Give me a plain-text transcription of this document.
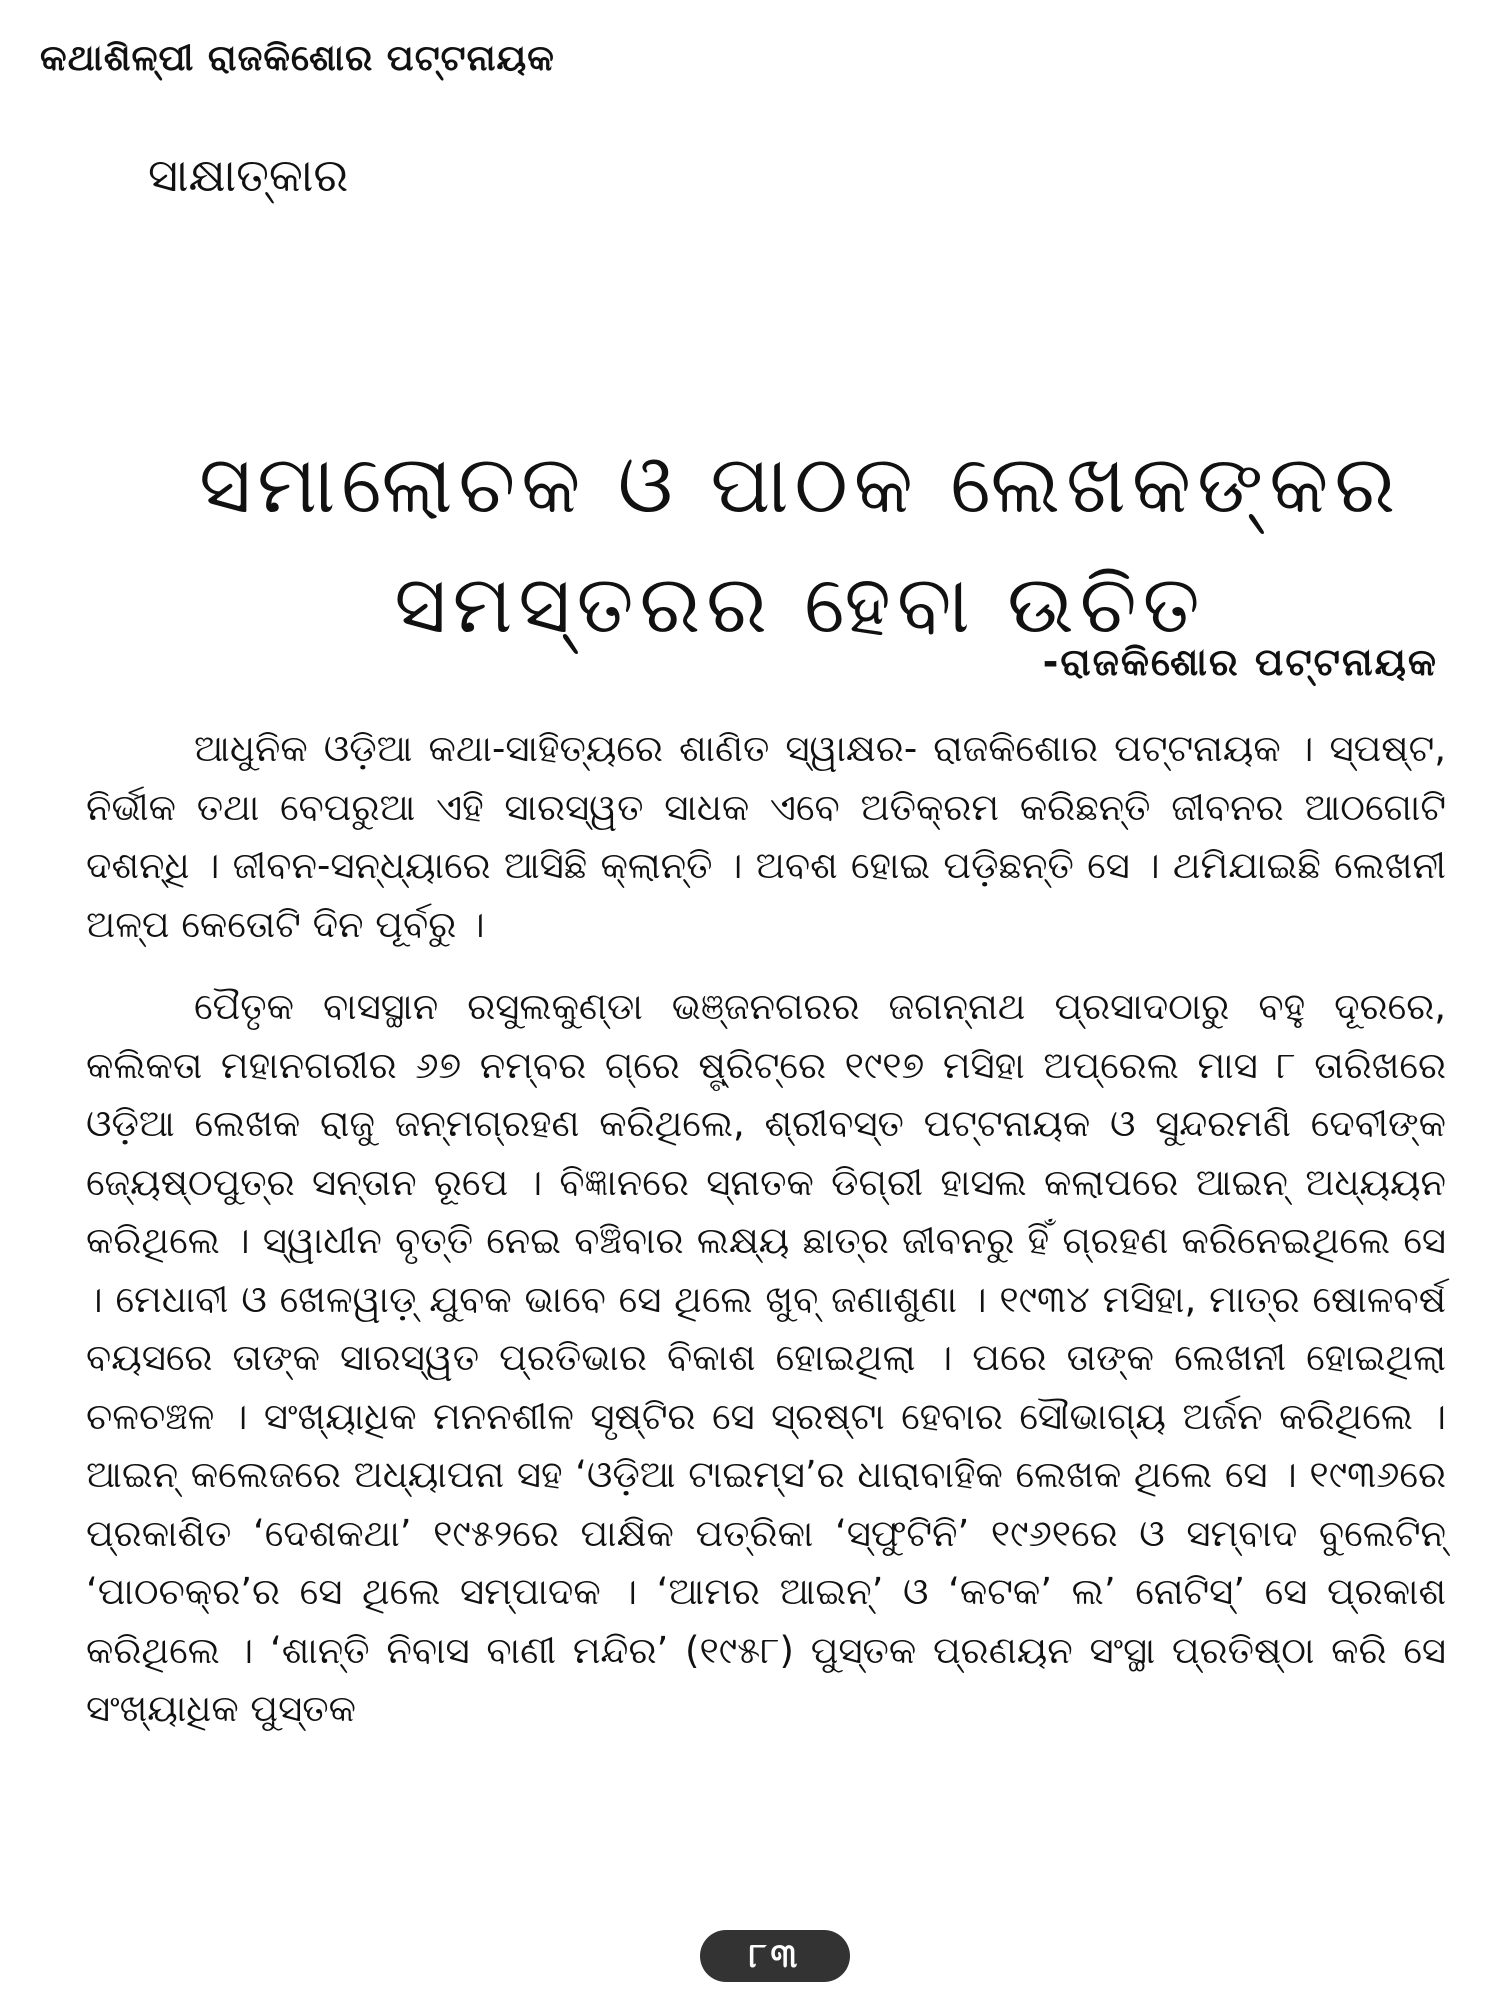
କଥାଶିଳ୍ପୀ ରାଜକିଶୋର ପଟ୍ଟନାୟକ
ସାକ୍ଷାତ୍‌କାର
ସମାଲୋଚକ ଓ ପାଠକ ଲେଖକଙ୍କର
ସମସ୍ତରର ହେବା ଉଚିତ
-ରାଜକିଶୋର ପଟ୍ଟନାୟକ

ଆଧୁନିକ ଓଡ଼ିଆ କଥା-ସାହିତ୍ୟରେ ଶାଣିତ ସ୍ୱାକ୍ଷର- ରାଜକିଶୋର ପଟ୍ଟନାୟକ । ସ୍ପଷ୍ଟ, ନିର୍ଭୀକ ତଥା ବେପରୁଆ ଏହି ସାରସ୍ୱତ ସାଧକ ଏବେ ଅତିକ୍ରମ କରିଛନ୍ତି ଜୀବନର ଆଠଗୋଟି ଦଶନ୍ଧି । ଜୀବନ-ସନ୍ଧ୍ୟାରେ ଆସିଛି କ୍ଲାନ୍ତି । ଅବଶ ହୋଇ ପଡ଼ିଛନ୍ତି ସେ । ଥମିଯାଇଛି ଲେଖନୀ ଅଳ୍ପ କେତୋଟି ଦିନ ପୂର୍ବରୁ ।

ପୈତୃକ ବାସସ୍ଥାନ ରସୁଲକୁଣ୍ଡା ଭଞ୍ଜନଗରର ଜଗନ୍ନାଥ ପ୍ରସାଦଠାରୁ ବହୁ ଦୂରରେ, କଲିକତା ମହାନଗରୀର ୬୭ ନମ୍ବର ଗ୍ରେ ଷ୍ଟ୍ରିଟ୍‌ରେ ୧୯୧୭ ମସିହା ଅପ୍ରେଲ ମାସ ୮ ତାରିଖରେ ଓଡ଼ିଆ ଲେଖକ ରାଜୁ ଜନ୍ମଗ୍ରହଣ କରିଥିଲେ, ଶ୍ରୀବସ୍ତ ପଟ୍ଟନାୟକ ଓ ସୁନ୍ଦରମଣି ଦେବୀଙ୍କ ଜ୍ୟେଷ୍ଠପୁତ୍ର ସନ୍ତାନ ରୂପେ । ବିଜ୍ଞାନରେ ସ୍ନାତକ ଡିଗ୍ରୀ ହାସଲ କଲାପରେ ଆଇନ୍ ଅଧ୍ୟୟନ କରିଥିଲେ । ସ୍ୱାଧୀନ ବୃତ୍ତି ନେଇ ବଞ୍ଚିବାର ଲକ୍ଷ୍ୟ ଛାତ୍ର ଜୀବନରୁ ହିଁ ଗ୍ରହଣ କରିନେଇଥିଲେ ସେ । ମେଧାବୀ ଓ ଖେଳୱାଡ଼୍ ଯୁବକ ଭାବେ ସେ ଥିଲେ ଖୁବ୍ ଜଣାଶୁଣା । ୧୯୩୪ ମସିହା, ମାତ୍ର ଷୋଳବର୍ଷ ବୟସରେ ତାଙ୍କ ସାରସ୍ୱତ ପ୍ରତିଭାର ବିକାଶ ହୋଇଥିଲା । ପରେ ତାଙ୍କ ଲେଖନୀ ହୋଇଥିଲା ଚଳଚଞ୍ଚଳ । ସଂଖ୍ୟାଧିକ ମନନଶୀଳ ସୃଷ୍ଟିର ସେ ସ୍ରଷ୍ଟା ହେବାର ସୌଭାଗ୍ୟ ଅର୍ଜନ କରିଥିଲେ । ଆଇନ୍ କଲେଜରେ ଅଧ୍ୟାପନା ସହ ‘ଓଡ଼ିଆ ଟାଇମ୍‌ସ’ର ଧାରାବାହିକ ଲେଖକ ଥିଲେ ସେ । ୧୯୩୬ରେ ପ୍ରକାଶିତ ‘ଦେଶକଥା’ ୧୯୫୨ରେ ପାକ୍ଷିକ ପତ୍ରିକା ‘ସ୍ଫୁଟିନି’ ୧୯୬୧ରେ ଓ ସମ୍ବାଦ ବୁଲେଟିନ୍ ‘ପାଠଚକ୍ର’ର ସେ ଥିଲେ ସମ୍ପାଦକ । ‘ଆମର ଆଇନ୍’ ଓ ‘କଟକ’ ଲ’ ନୋଟିସ୍’ ସେ ପ୍ରକାଶ କରିଥିଲେ । ‘ଶାନ୍ତି ନିବାସ ବାଣୀ ମନ୍ଦିର’ (୧୯୫୮) ପୁସ୍ତକ ପ୍ରଣୟନ ସଂସ୍ଥା ପ୍ରତିଷ୍ଠା କରି ସେ ସଂଖ୍ୟାଧିକ ପୁସ୍ତକ

୮୩
